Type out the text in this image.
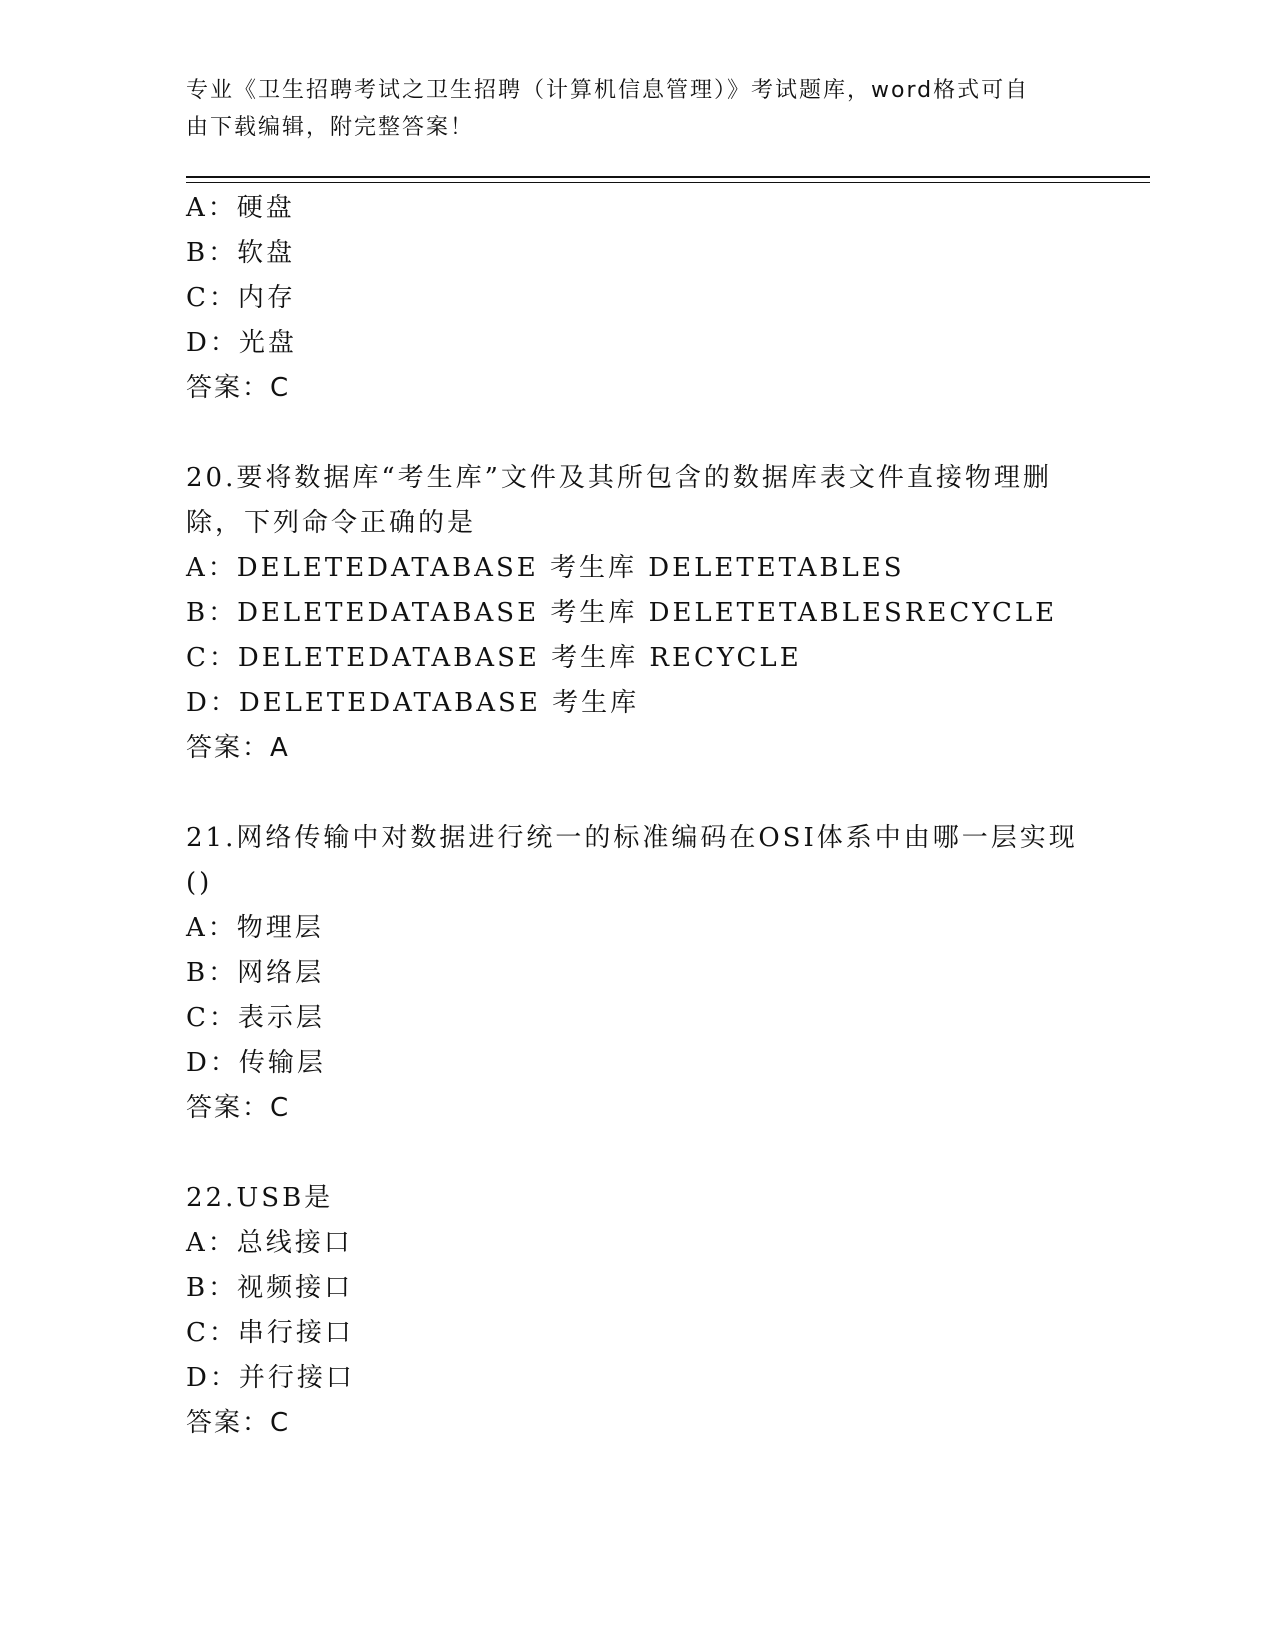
专业《卫生招聘考试之卫生招聘（计算机信息管理）》考试题库，word格式可自
由下载编辑，附完整答案！
A：硬盘
B：软盘
C：内存
D：光盘
答案：C
20.要将数据库“考生库”文件及其所包含的数据库表文件直接物理删
除，下列命令正确的是
A：DELETEDATABASE 考生库 DELETETABLES
B：DELETEDATABASE 考生库 DELETETABLESRECYCLE
C：DELETEDATABASE 考生库 RECYCLE
D：DELETEDATABASE 考生库
答案：A
21.网络传输中对数据进行统一的标准编码在OSI体系中由哪一层实现
()
A：物理层
B：网络层
C：表示层
D：传输层
答案：C
22.USB是
A：总线接口
B：视频接口
C：串行接口
D：并行接口
答案：C
